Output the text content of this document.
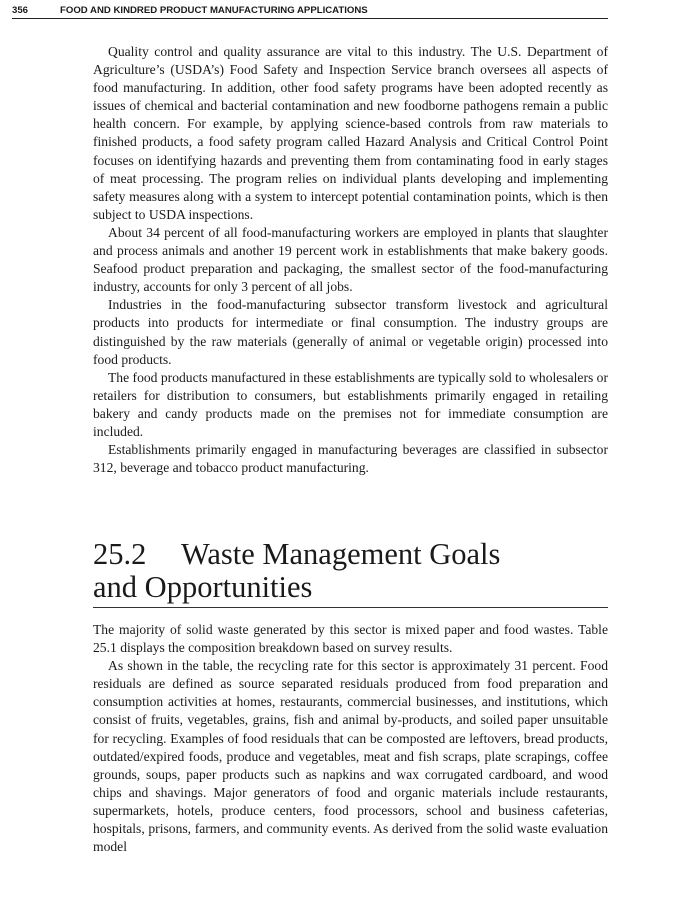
356	FOOD AND KINDRED PRODUCT MANUFACTURING APPLICATIONS

Quality control and quality assurance are vital to this industry. The U.S. Department of Agriculture’s (USDA’s) Food Safety and Inspection Service branch oversees all aspects of food manufacturing. In addition, other food safety programs have been adopted recently as issues of chemical and bacterial contamination and new foodborne pathogens remain a public health concern. For example, by applying science-based controls from raw materials to finished products, a food safety program called Hazard Analysis and Critical Control Point focuses on identifying hazards and preventing them from contaminating food in early stages of meat processing. The program relies on individual plants developing and implementing safety measures along with a system to intercept potential contamination points, which is then subject to USDA inspections.

About 34 percent of all food-manufacturing workers are employed in plants that slaughter and process animals and another 19 percent work in establishments that make bakery goods. Seafood product preparation and packaging, the smallest sector of the food-manufacturing industry, accounts for only 3 percent of all jobs.

Industries in the food-manufacturing subsector transform livestock and agricultural products into products for intermediate or final consumption. The industry groups are distinguished by the raw materials (generally of animal or vegetable origin) processed into food products.

The food products manufactured in these establishments are typically sold to wholesalers or retailers for distribution to consumers, but establishments primarily engaged in retailing bakery and candy products made on the premises not for immediate consumption are included.

Establishments primarily engaged in manufacturing beverages are classified in subsector 312, beverage and tobacco product manufacturing.

25.2 Waste Management Goals
and Opportunities

The majority of solid waste generated by this sector is mixed paper and food wastes. Table 25.1 displays the composition breakdown based on survey results.

As shown in the table, the recycling rate for this sector is approximately 31 percent. Food residuals are defined as source separated residuals produced from food preparation and consumption activities at homes, restaurants, commercial businesses, and institutions, which consist of fruits, vegetables, grains, fish and animal by-products, and soiled paper unsuitable for recycling. Examples of food residuals that can be composted are leftovers, bread products, outdated/expired foods, produce and vegetables, meat and fish scraps, plate scrapings, coffee grounds, soups, paper products such as napkins and wax corrugated cardboard, and wood chips and shavings. Major generators of food and organic materials include restaurants, supermarkets, hotels, produce centers, food processors, school and business cafeterias, hospitals, prisons, farmers, and community events. As derived from the solid waste evaluation model
